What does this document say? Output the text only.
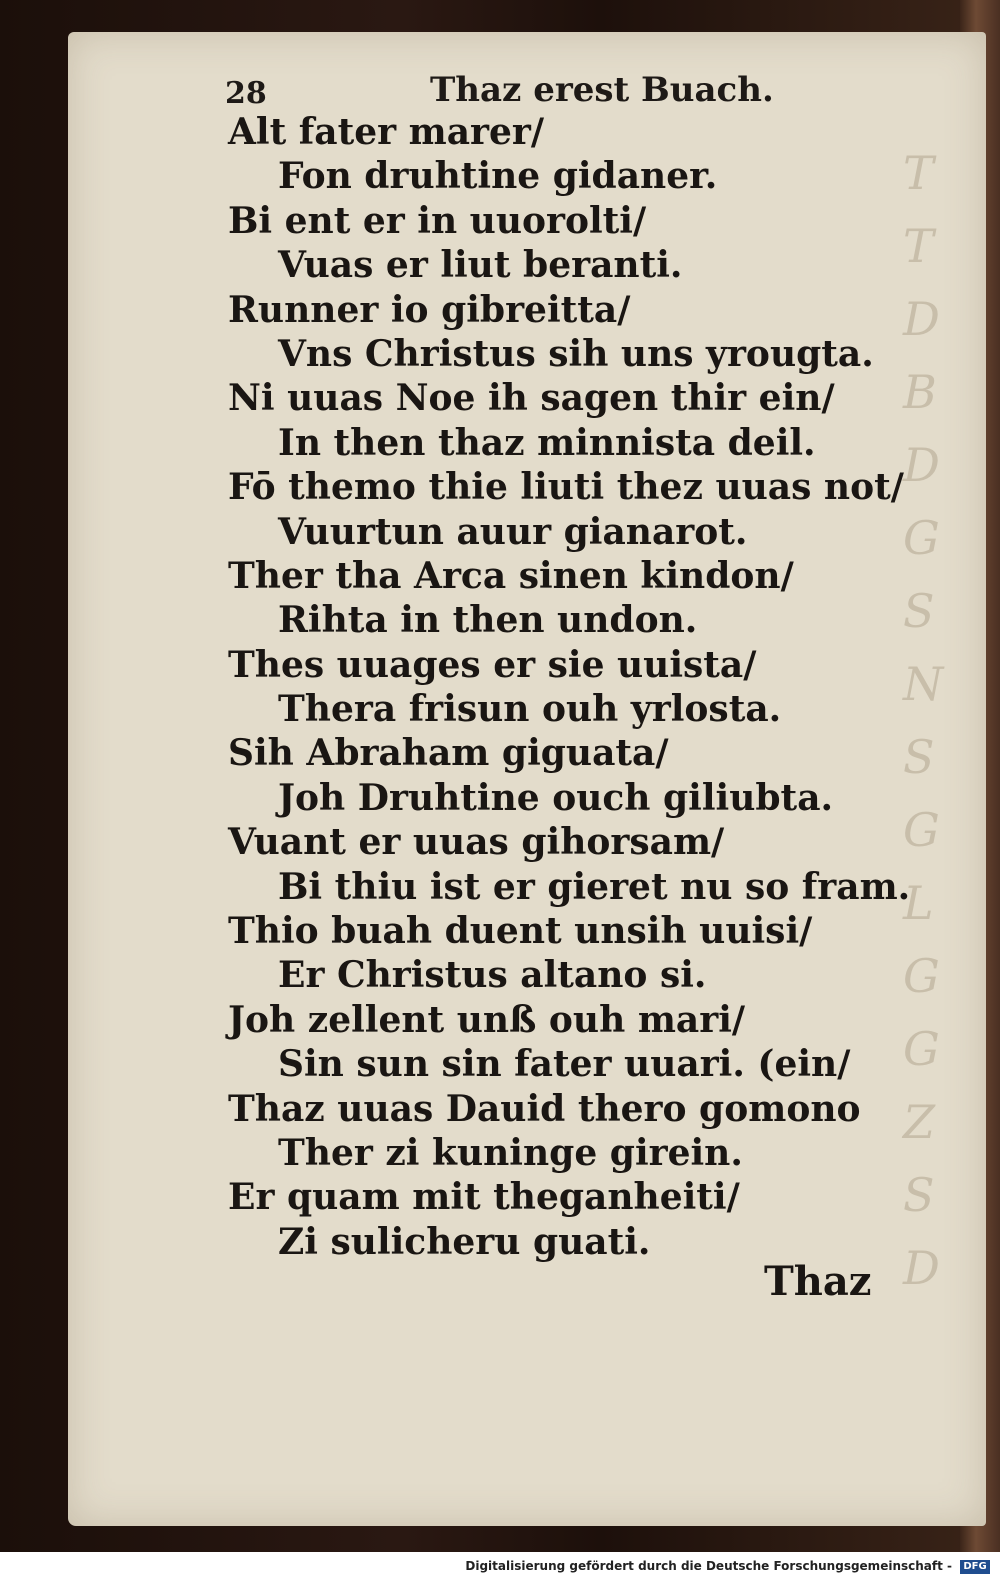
T
T
D
B
D
G
S
N
S
G
L
G
G
Z
S
D
28	Thaz erest Buach.
Alt fater marer/
Fon druhtine gidaner.
Bi ent er in uuorolti/
Vuas er liut beranti.
Runner io gibreitta/
Vns Christus sih uns yrougta.
Ni uuas Noe ih sagen thir ein/
In then thaz minnista deil.
Fō themo thie liuti thez uuas not/
Vuurtun auur gianarot.
Ther tha Arca sinen kindon/
Rihta in then undon.
Thes uuages er sie uuista/
Thera frisun ouh yrlosta.
Sih Abraham giguata/
Joh Druhtine ouch giliubta.
Vuant er uuas gihorsam/
Bi thiu ist er gieret nu so fram.
Thio buah duent unsih uuisi/
Er Christus altano si.
Joh zellent unß ouh mari/
Sin sun sin fater uuari. (ein/
Thaz uuas Dauid thero gomono
Ther zi kuninge girein.
Er quam mit theganheiti/
Zi sulicheru guati.
Thaz
Digitalisierung gefördert durch die Deutsche Forschungsgemeinschaft -	DFG
